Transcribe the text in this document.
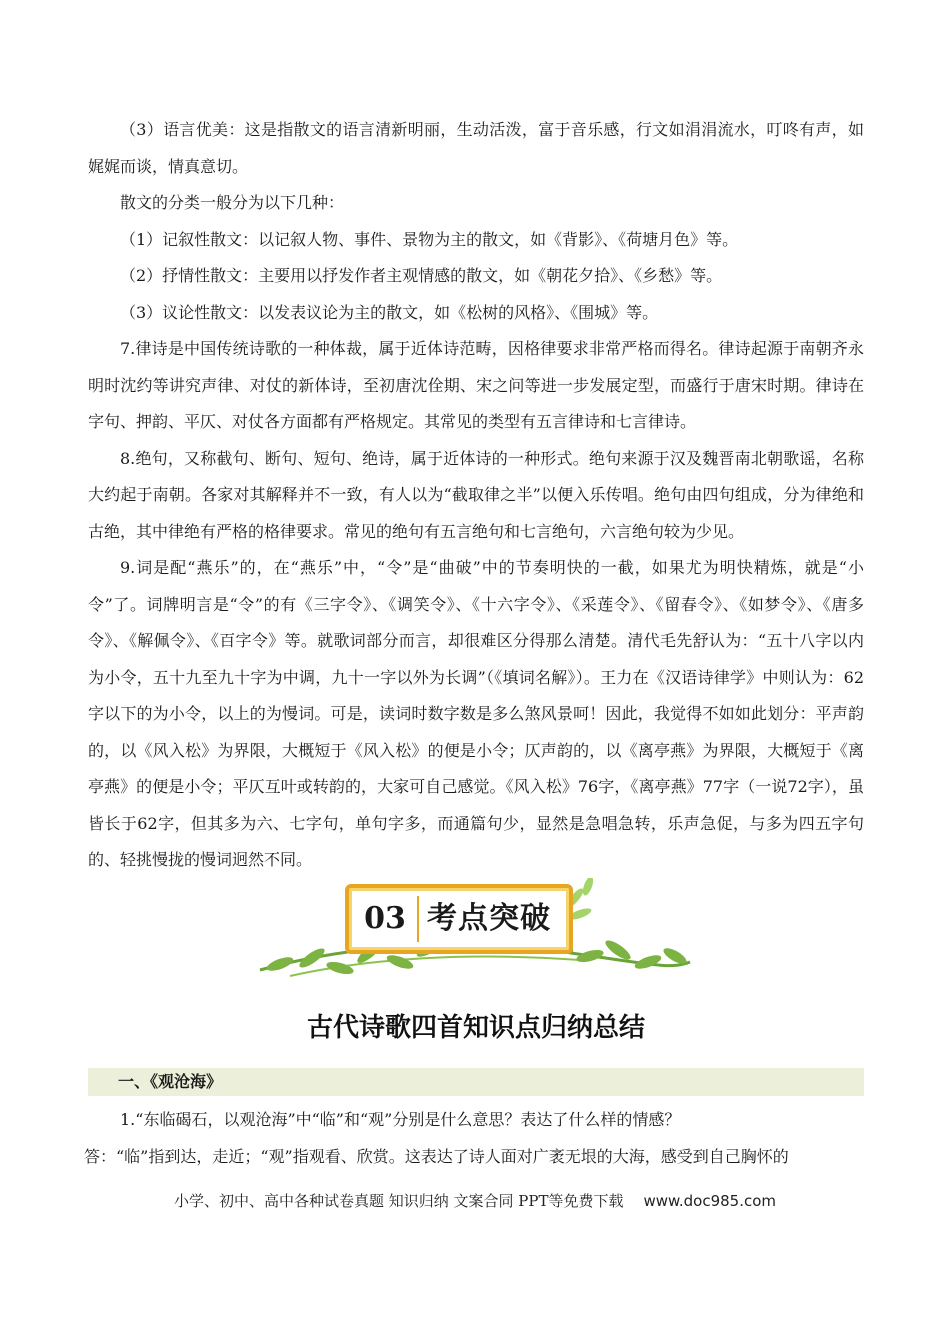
（3）语言优美：这是指散文的语言清新明丽，生动活泼，富于音乐感，行文如涓涓流水，叮咚有声，如娓娓而谈，情真意切。

散文的分类一般分为以下几种：

（1）记叙性散文：以记叙人物、事件、景物为主的散文，如《背影》、《荷塘月色》等。

（2）抒情性散文：主要用以抒发作者主观情感的散文，如《朝花夕拾》、《乡愁》等。

（3）议论性散文：以发表议论为主的散文，如《松树的风格》、《围城》等。

7.律诗是中国传统诗歌的一种体裁，属于近体诗范畴，因格律要求非常严格而得名。律诗起源于南朝齐永明时沈约等讲究声律、对仗的新体诗，至初唐沈佺期、宋之问等进一步发展定型，而盛行于唐宋时期。律诗在字句、押韵、平仄、对仗各方面都有严格规定。其常见的类型有五言律诗和七言律诗。

8.绝句，又称截句、断句、短句、绝诗，属于近体诗的一种形式。绝句来源于汉及魏晋南北朝歌谣，名称大约起于南朝。各家对其解释并不一致，有人以为“截取律之半”以便入乐传唱。绝句由四句组成，分为律绝和古绝，其中律绝有严格的格律要求。常见的绝句有五言绝句和七言绝句，六言绝句较为少见。

9.词是配“燕乐”的，在“燕乐”中，“令”是“曲破”中的节奏明快的一截，如果尤为明快精炼，就是“小令”了。词牌明言是“令”的有《三字令》、《调笑令》、《十六字令》、《采莲令》、《留春令》、《如梦令》、《唐多令》、《解佩令》、《百字令》等。就歌词部分而言，却很难区分得那么清楚。清代毛先舒认为：“五十八字以内为小令，五十九至九十字为中调，九十一字以外为长调”（《填词名解》）。王力在《汉语诗律学》中则认为：62字以下的为小令，以上的为慢词。可是，读词时数字数是多么煞风景呵！因此，我觉得不如如此划分：平声韵的，以《风入松》为界限，大概短于《风入松》的便是小令；仄声韵的，以《离亭燕》为界限，大概短于《离亭燕》的便是小令；平仄互叶或转韵的，大家可自己感觉。《风入松》76字，《离亭燕》77字（一说72字），虽皆长于62字，但其多为六、七字句，单句字多，而通篇句少，显然是急唱急转，乐声急促，与多为四五字句的、轻挑慢拢的慢词迥然不同。

03 考点突破
古代诗歌四首知识点归纳总结
一、《观沧海》

1.“东临碣石，以观沧海”中“临”和“观”分别是什么意思？表达了什么样的情感？

答：“临”指到达，走近；“观”指观看、欣赏。这表达了诗人面对广袤无垠的大海，感受到自己胸怀的

小学、初中、高中各种试卷真题 知识归纳 文案合同 PPT等免费下载 www.doc985.com
